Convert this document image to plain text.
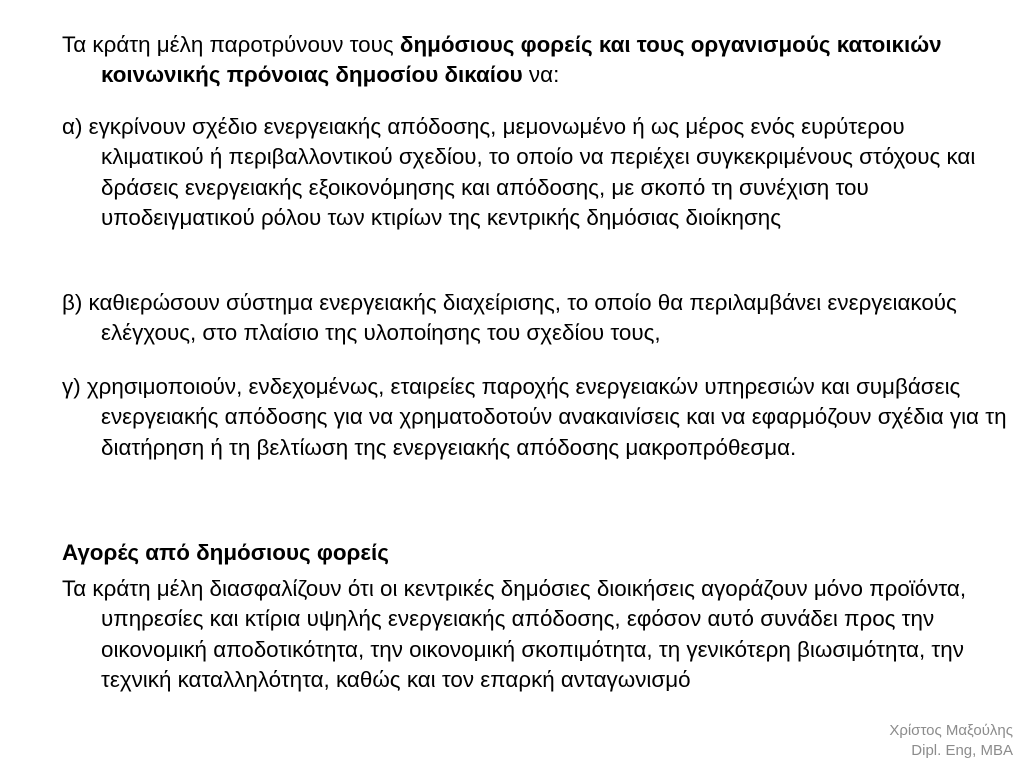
Τα κράτη μέλη παροτρύνουν τους δημόσιους φορείς και τους οργανισμούς κατοικιών κοινωνικής πρόνοιας δημοσίου δικαίου να:

α) εγκρίνουν σχέδιο ενεργειακής απόδοσης, μεμονωμένο ή ως μέρος ενός ευρύτερου κλιματικού ή περιβαλλοντικού σχεδίου, το οποίο να περιέχει συγκεκριμένους στόχους και δράσεις ενεργειακής εξοικονόμησης και απόδοσης, με σκοπό τη συνέχιση του υποδειγματικού ρόλου των κτιρίων της κεντρικής δημόσιας διοίκησης

β) καθιερώσουν σύστημα ενεργειακής διαχείρισης, το οποίο θα περιλαμβάνει ενεργειακούς ελέγχους, στο πλαίσιο της υλοποίησης του σχεδίου τους,

γ) χρησιμοποιούν, ενδεχομένως, εταιρείες παροχής ενεργειακών υπηρεσιών και συμβάσεις ενεργειακής απόδοσης για να χρηματοδοτούν ανακαινίσεις και να εφαρμόζουν σχέδια για τη διατήρηση ή τη βελτίωση της ενεργειακής απόδοσης μακροπρόθεσμα.

Αγορές από δημόσιους φορείς

Τα κράτη μέλη διασφαλίζουν ότι οι κεντρικές δημόσιες διοικήσεις αγοράζουν μόνο προϊόντα, υπηρεσίες και κτίρια υψηλής ενεργειακής απόδοσης, εφόσον αυτό συνάδει προς την οικονομική αποδοτικότητα, την οικονομική σκοπιμότητα, τη γενικότερη βιωσιμότητα, την τεχνική καταλληλότητα, καθώς και τον επαρκή ανταγωνισμό

Χρίστος Μαξούλης
Dipl. Eng, MBA
